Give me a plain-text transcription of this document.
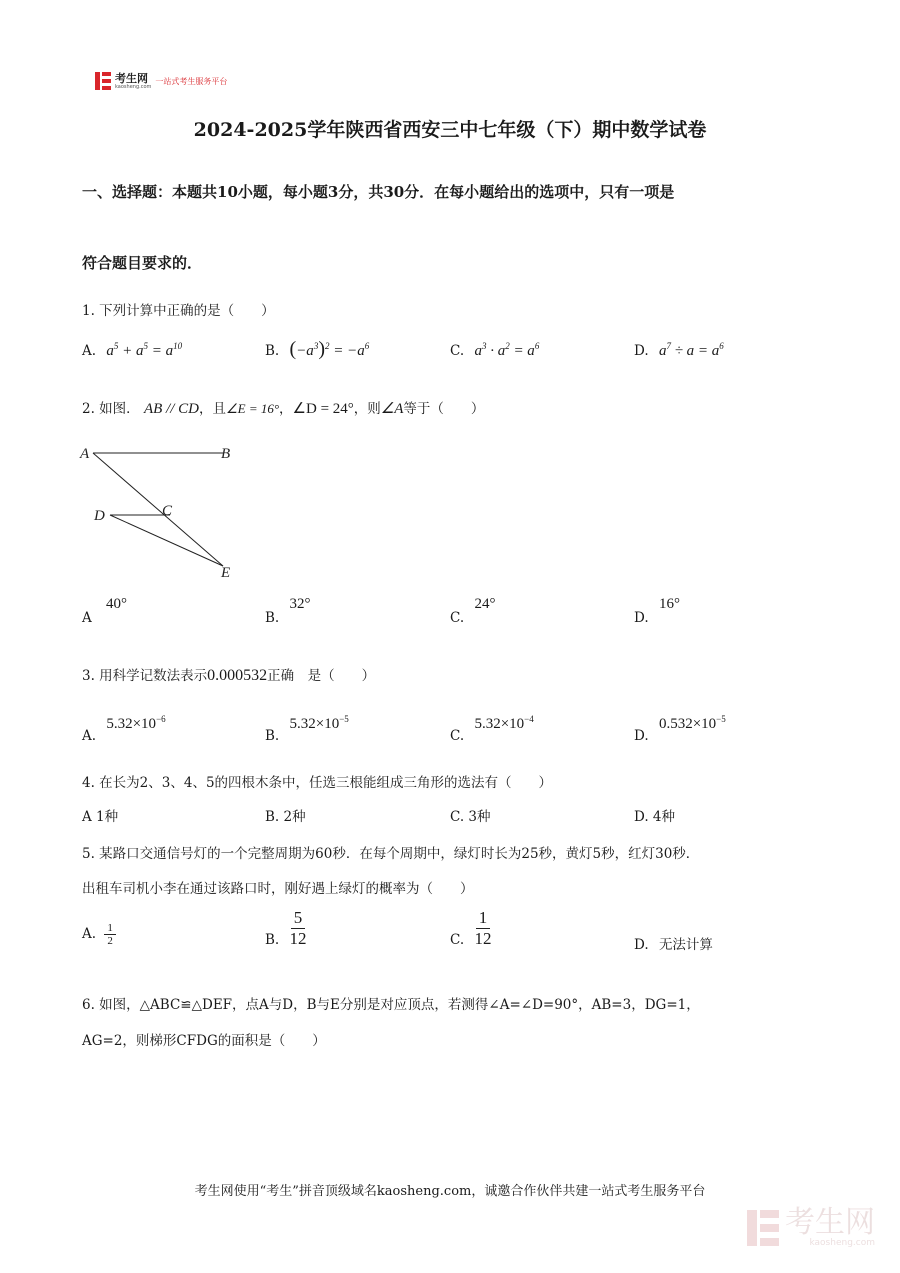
考生网
kaosheng.com
一站式考生服务平台
2024-2025学年陕西省西安三中七年级（下）期中数学试卷
一、选择题：本题共10小题，每小题3分，共30分．在每小题给出的选项中，只有一项是
符合题目要求的．
1. 下列计算中正确的是（　　）
A. $a^5 + a^5 = a^{10}$	B. $(-a^3)^2 = -a^6$	C. $a^3 \cdot a^2 = a^6$	D. $a^7 \div a = a^6$
2. 如图． AB // CD，且∠E = 16°，∠D = 24°，则∠A等于（　　）
A	B
C
D
E
A 40°
B. 32°
C. 24°
D. 16°
3. 用科学记数法表示0.000532正确　是（　　）
A. $5.32\times 10^{-6}$
B. $5.32\times 10^{-5}$
C. $5.32\times 10^{-4}$
D. $0.532\times 10^{-5}$
4. 在长为2、3、4、5的四根木条中，任选三根能组成三角形的选法有（　　）
A 1种	B. 2种	C. 3种	D. 4种
5. 某路口交通信号灯的一个完整周期为60秒．在每个周期中，绿灯时长为25秒，黄灯5秒，红灯30秒．
出租车司机小李在通过该路口时，刚好遇上绿灯的概率为（　　）
A. $\frac{1}{2}$	B. $\frac{5}{12}$	C. $\frac{1}{12}$	D. 无法计算
6. 如图，△ABC≌△DEF，点A与D，B与E分别是对应顶点，若测得∠A=∠D=90°，AB=3，DG=1，
AG=2，则梯形CFDG的面积是（　　）
考生网使用“考生”拼音顶级域名kaosheng.com，诚邀合作伙伴共建一站式考生服务平台
考生网
kaosheng.com
